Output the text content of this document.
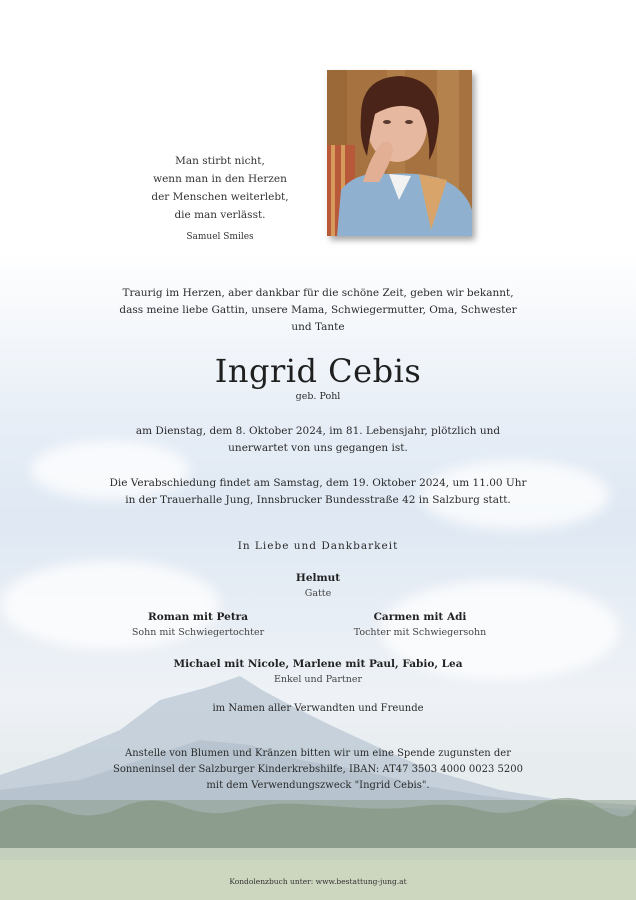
Man stirbt nicht,
wenn man in den Herzen
der Menschen weiterlebt,
die man verlässt.
Samuel Smiles
Traurig im Herzen, aber dankbar für die schöne Zeit, geben wir bekannt,
dass meine liebe Gattin, unsere Mama, Schwiegermutter, Oma, Schwester
und Tante
Ingrid Cebis
geb. Pohl
am Dienstag, dem 8. Oktober 2024, im 81. Lebensjahr, plötzlich und
unerwartet von uns gegangen ist.
Die Verabschiedung findet am Samstag, dem 19. Oktober 2024, um 11.00 Uhr
in der Trauerhalle Jung, Innsbrucker Bundesstraße 42 in Salzburg statt.
In Liebe und Dankbarkeit
Helmut
Gatte
Roman mit Petra
Sohn mit Schwiegertochter
Carmen mit Adi
Tochter mit Schwiegersohn
Michael mit Nicole, Marlene mit Paul, Fabio, Lea
Enkel und Partner
im Namen aller Verwandten und Freunde
Anstelle von Blumen und Kränzen bitten wir um eine Spende zugunsten der
Sonneninsel der Salzburger Kinderkrebshilfe, IBAN: AT47 3503 4000 0023 5200
mit dem Verwendungszweck "Ingrid Cebis".
Kondolenzbuch unter: www.bestattung-jung.at
